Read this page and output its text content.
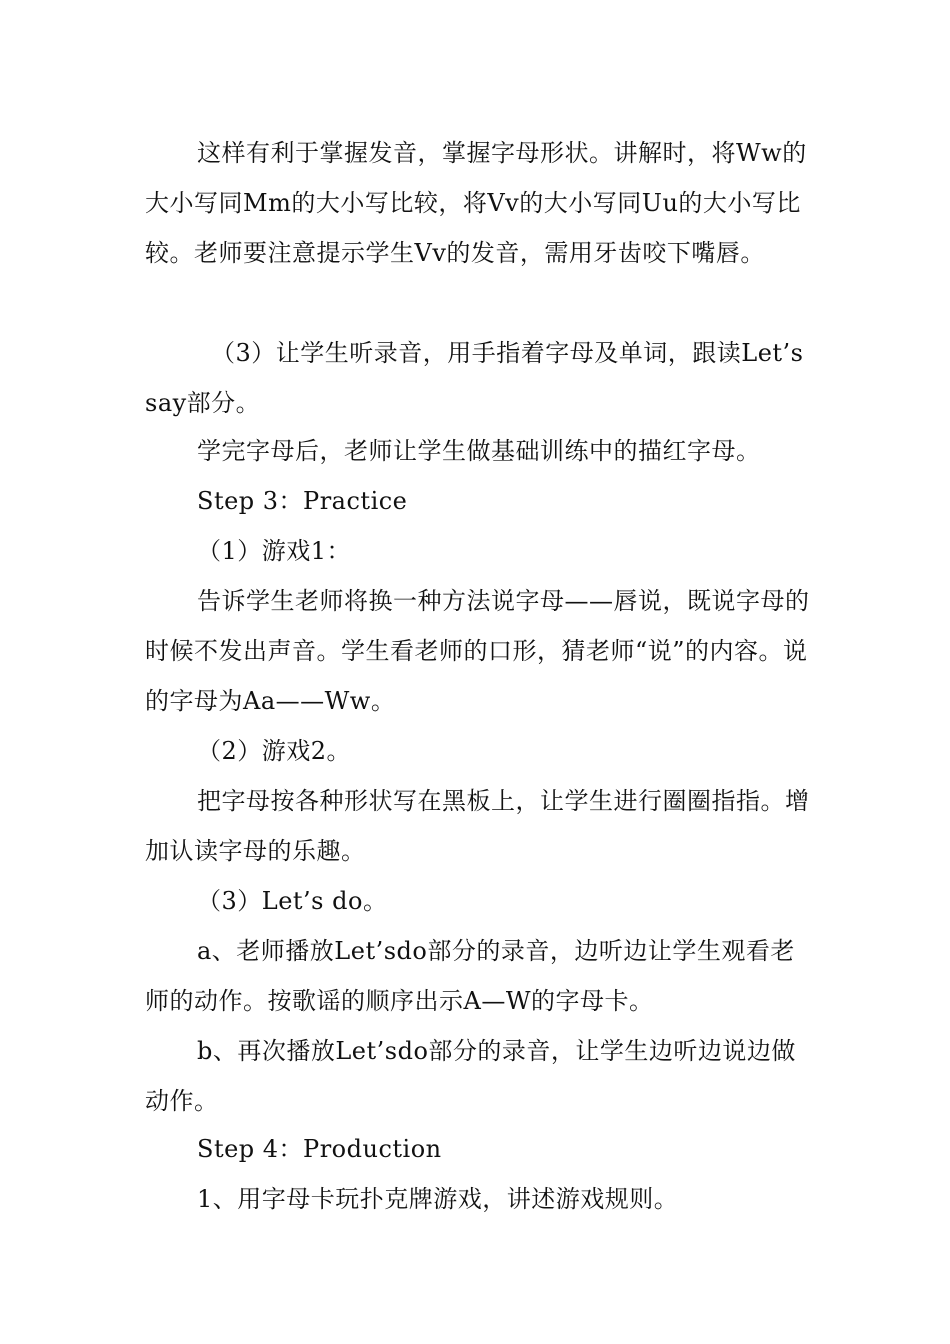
这样有利于掌握发音，掌握字母形状。讲解时，将Ww的大小写同Mm的大小写比较，将Vv的大小写同Uu的大小写比较。老师要注意提示学生Vv的发音，需用牙齿咬下嘴唇。

（3）让学生听录音，用手指着字母及单词，跟读Let’ssay部分。

学完字母后，老师让学生做基础训练中的描红字母。

Step 3：Practice

（1）游戏1：

告诉学生老师将换一种方法说字母——唇说，既说字母的时候不发出声音。学生看老师的口形，猜老师“说”的内容。说的字母为Aa——Ww。

（2）游戏2。

把字母按各种形状写在黑板上，让学生进行圈圈指指。增加认读字母的乐趣。

（3）Let’s do。

a、老师播放Let’sdo部分的录音，边听边让学生观看老师的动作。按歌谣的顺序出示A—W的字母卡。

b、再次播放Let’sdo部分的录音，让学生边听边说边做动作。

Step 4：Production

1、用字母卡玩扑克牌游戏，讲述游戏规则。
